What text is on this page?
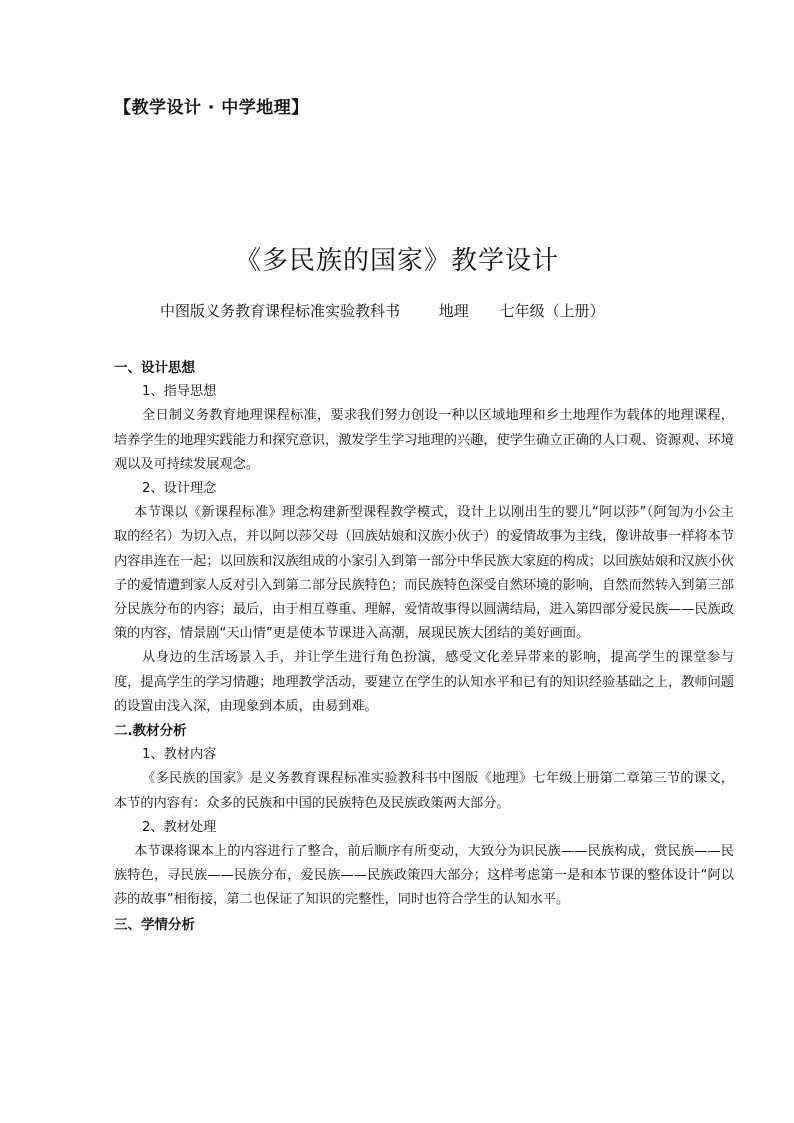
【教学设计 · 中学地理】
《多民族的国家》教学设计
中图版义务教育课程标准实验教科书	地理 七年级（上册）
一、设计思想
1、指导思想

全日制义务教育地理课程标准，要求我们努力创设一种以区域地理和乡土地理作为载体的地理课程，培养学生的地理实践能力和探究意识，激发学生学习地理的兴趣，使学生确立正确的人口观、资源观、环境观以及可持续发展观念。

2、设计理念

本节课以《新课程标准》理念构建新型课程教学模式，设计上以刚出生的婴儿“阿以莎”（阿訇为小公主取的经名）为切入点，并以阿以莎父母（回族姑娘和汉族小伙子）的爱情故事为主线，像讲故事一样将本节内容串连在一起；以回族和汉族组成的小家引入到第一部分中华民族大家庭的构成；以回族姑娘和汉族小伙子的爱情遭到家人反对引入到第二部分民族特色；而民族特色深受自然环境的影响，自然而然转入到第三部分民族分布的内容；最后，由于相互尊重、理解，爱情故事得以圆满结局，进入第四部分爱民族——民族政策的内容，情景剧“天山情”更是使本节课进入高潮，展现民族大团结的美好画面。

从身边的生活场景入手，并让学生进行角色扮演，感受文化差异带来的影响，提高学生的课堂参与度，提高学生的学习情趣；地理教学活动，要建立在学生的认知水平和已有的知识经验基础之上，教师问题的设置由浅入深，由现象到本质，由易到难。

二.教材分析
1、教材内容

《多民族的国家》是义务教育课程标准实验教科书中图版《地理》七年级上册第二章第三节的课文，本节的内容有：众多的民族和中国的民族特色及民族政策两大部分。

2、教材处理

本节课将课本上的内容进行了整合，前后顺序有所变动，大致分为识民族——民族构成，赏民族——民族特色，寻民族——民族分布，爱民族——民族政策四大部分；这样考虑第一是和本节课的整体设计“阿以莎的故事”相衔接，第二也保证了知识的完整性，同时也符合学生的认知水平。

三、学情分析
